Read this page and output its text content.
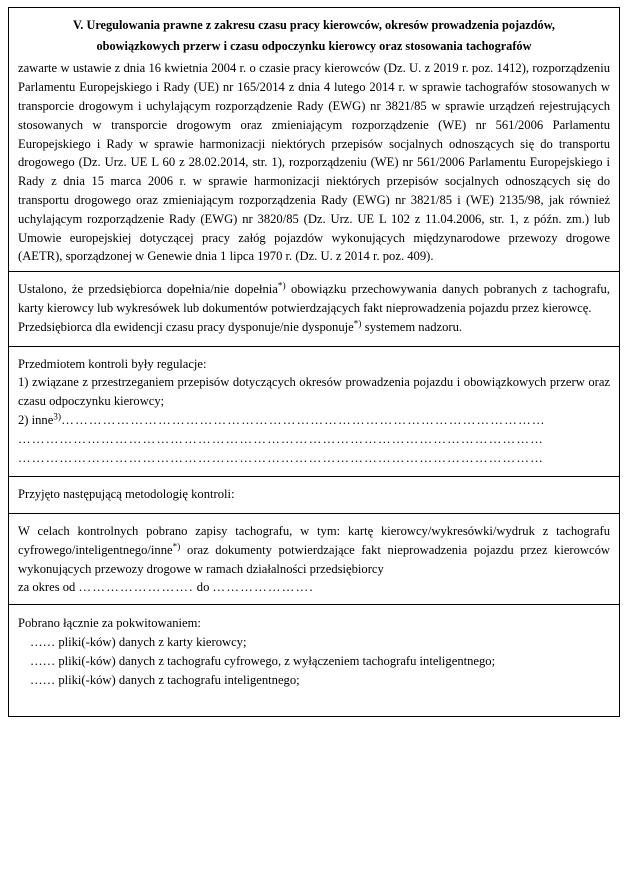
V. Uregulowania prawne z zakresu czasu pracy kierowców, okresów prowadzenia pojazdów,
obowiązkowych przerw i czasu odpoczynku kierowcy oraz stosowania tachografów

zawarte w ustawie z dnia 16 kwietnia 2004 r. o czasie pracy kierowców (Dz. U. z 2019 r. poz. 1412), rozporządzeniu Parlamentu Europejskiego i Rady (UE) nr 165/2014 z dnia 4 lutego 2014 r. w sprawie tachografów stosowanych w transporcie drogowym i uchylającym rozporządzenie Rady (EWG) nr 3821/85 w sprawie urządzeń rejestrujących stosowanych w transporcie drogowym oraz zmieniającym rozporządzenie (WE) nr 561/2006 Parlamentu Europejskiego i Rady w sprawie harmonizacji niektórych przepisów socjalnych odnoszących się do transportu drogowego (Dz. Urz. UE L 60 z 28.02.2014, str. 1), rozporządzeniu (WE) nr 561/2006 Parlamentu Europejskiego i Rady z dnia 15 marca 2006 r. w sprawie harmonizacji niektórych przepisów socjalnych odnoszących się do transportu drogowego oraz zmieniającym rozporządzenia Rady (EWG) nr 3821/85 i (WE) 2135/98, jak również uchylającym rozporządzenie Rady (EWG) nr 3820/85 (Dz. Urz. UE L 102 z 11.04.2006, str. 1, z późn. zm.) lub Umowie europejskiej dotyczącej pracy załóg pojazdów wykonujących międzynarodowe przewozy drogowe (AETR), sporządzonej w Genewie dnia 1 lipca 1970 r. (Dz. U. z 2014 r. poz. 409).

Ustalono, że przedsiębiorca dopełnia/nie dopełnia*) obowiązku przechowywania danych pobranych z tachografu, karty kierowcy lub wykresówek lub dokumentów potwierdzających fakt nieprowadzenia pojazdu przez kierowcę.

Przedsiębiorca dla ewidencji czasu pracy dysponuje/nie dysponuje*) systemem nadzoru.

Przedmiotem kontroli były regulacje:

1) związane z przestrzeganiem przepisów dotyczących okresów prowadzenia pojazdu i obowiązkowych przerw oraz czasu odpoczynku kierowcy;

2) inne$^{3)}$……………………………………………………………………………………………

……………………………………………………………………………………………………
……………………………………………………………………………………………………

Przyjęto następującą metodologię kontroli:

W celach kontrolnych pobrano zapisy tachografu, w tym: kartę kierowcy/wykresówki/wydruk z tachografu cyfrowego/inteligentnego/inne*) oraz dokumenty potwierdzające fakt nieprowadzenia pojazdu przez kierowców wykonujących przewozy drogowe w ramach działalności przedsiębiorcy

za okres od ……………………. do ………………….

Pobrano łącznie za pokwitowaniem:

…… pliki(-ków) danych z karty kierowcy;

…… pliki(-ków) danych z tachografu cyfrowego, z wyłączeniem tachografu inteligentnego;

…… pliki(-ków) danych z tachografu inteligentnego;
